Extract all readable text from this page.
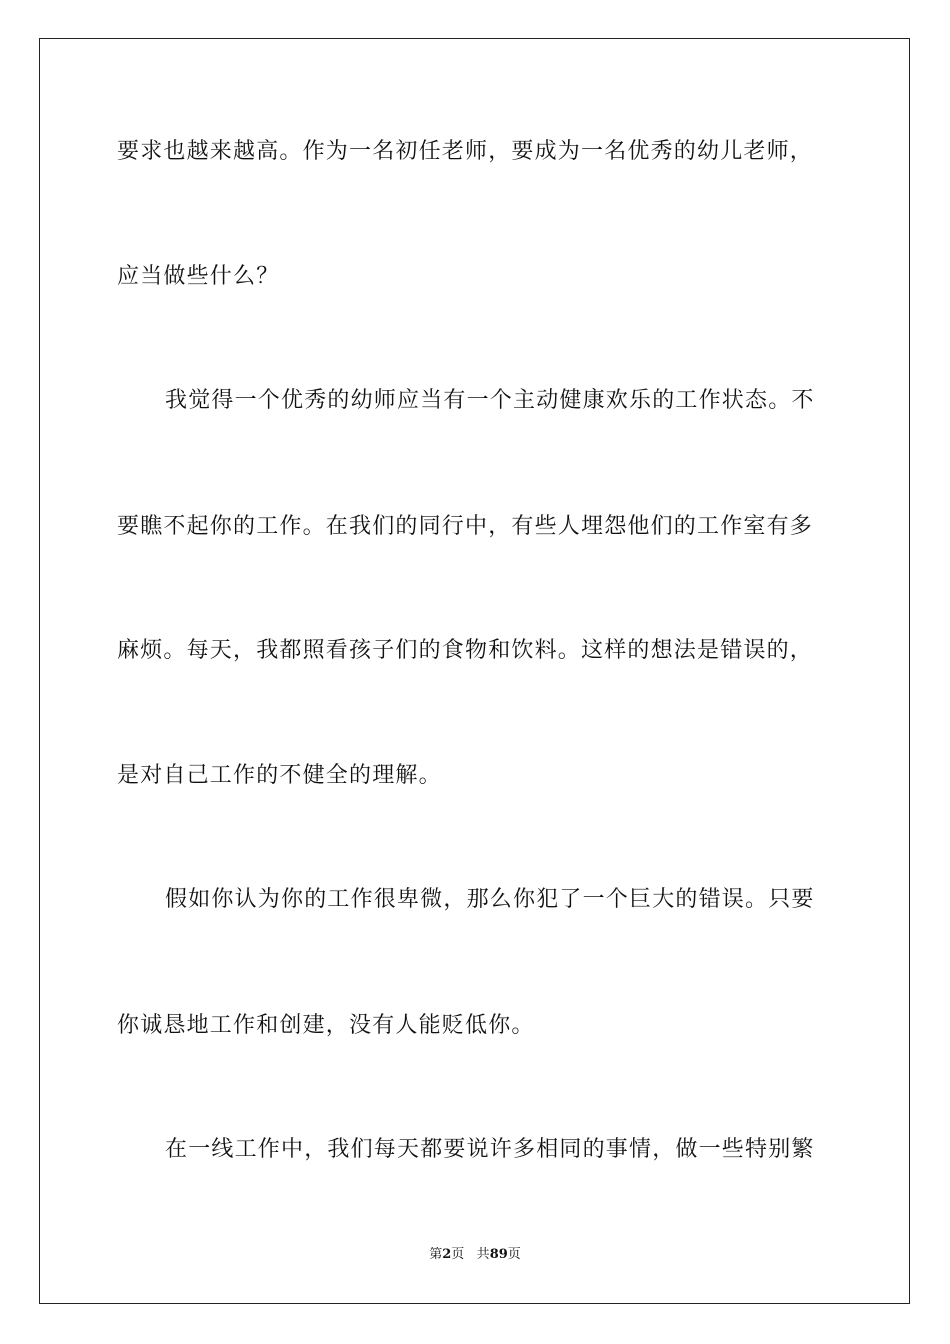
要求也越来越高。作为一名初任老师，要成为一名优秀的幼儿老师，
应当做些什么？
我觉得一个优秀的幼师应当有一个主动健康欢乐的工作状态。不
要瞧不起你的工作。在我们的同行中，有些人埋怨他们的工作室有多
麻烦。每天，我都照看孩子们的食物和饮料。这样的想法是错误的，
是对自己工作的不健全的理解。
假如你认为你的工作很卑微，那么你犯了一个巨大的错误。只要
你诚恳地工作和创建，没有人能贬低你。
在一线工作中，我们每天都要说许多相同的事情，做一些特别繁
第2页 共89页
